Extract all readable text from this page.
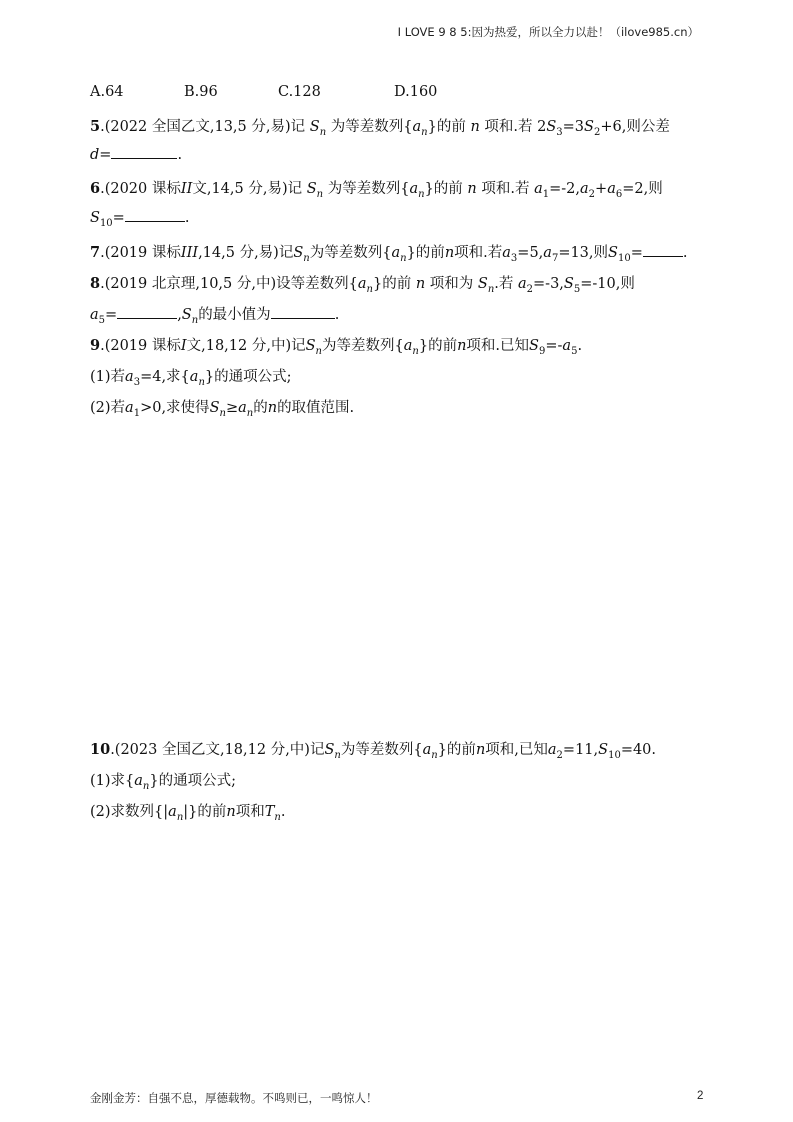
I LOVE 9 8 5:因为热爱，所以全力以赴！（ilove985.cn）
A.64	B.96	C.128	D.160
5.(2022 全国乙文,13,5 分,易)记 $S_n$ 为等差数列$\{a_n\}$的前 n 项和.若 $2S_3=3S_2+6$,则公差
d=	.
6.(2020 课标II文,14,5 分,易)记 $S_n$ 为等差数列$\{a_n\}$的前 n 项和.若 $a_1=-2,a_2+a_6=2$,则
$S_{10}=$	.
7.(2019 课标III,14,5 分,易)记$S_n$为等差数列$\{a_n\}$的前n项和.若$a_3=5,a_7=13$,则$S_{10}=$	.
8.(2019 北京理,10,5 分,中)设等差数列$\{a_n\}$的前 n 项和为 $S_n$.若 $a_2=-3,S_5=-10$,则
$a_5=$	$,S_n$的最小值为	.
9.(2019 课标I文,18,12 分,中)记$S_n$为等差数列$\{a_n\}$的前n项和.已知$S_9=-a_5$.
(1)若$a_3=4$,求$\{a_n\}$的通项公式;
(2)若$a_1>0$,求使得$S_n\ge a_n$的n的取值范围.
10.(2023 全国乙文,18,12 分,中)记$S_n$为等差数列$\{a_n\}$的前n项和,已知$a_2=11,S_{10}=40$.
(1)求$\{a_n\}$的通项公式;
(2)求数列$\{|a_n|\}$的前n项和$T_n$.
金刚金芳：自强不息，厚德载物。不鸣则已，一鸣惊人！	2
